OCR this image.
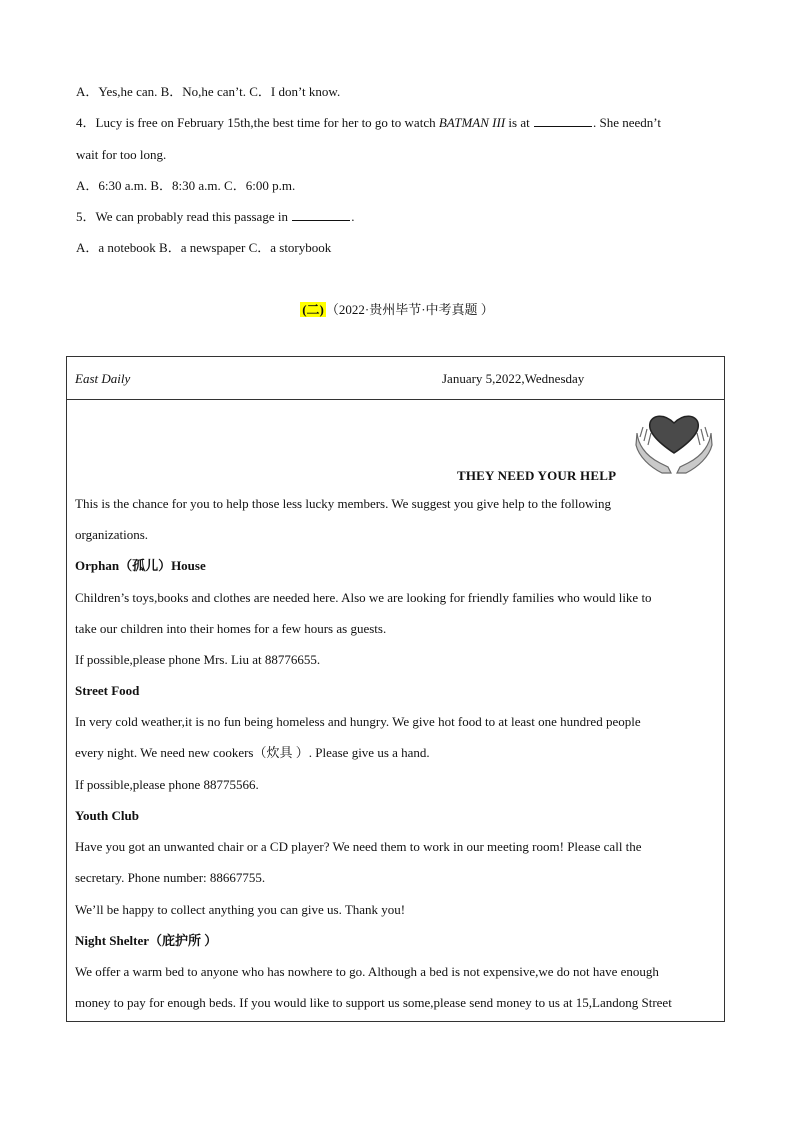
A．Yes,he can. B．No,he can’t. C．I don’t know.
4．Lucy is free on February 15th,the best time for her to go to watch BATMAN III is at	. She needn’t
wait for too long.
A．6:30 a.m. B．8:30 a.m. C．6:00 p.m.
5．We can probably read this passage in	.
A．a notebook B．a newspaper C．a storybook
(二) （2022·贵州毕节·中考真题 ）
East Daily	January 5,2022,Wednesday
THEY NEED YOUR HELP
This is the chance for you to help those less lucky members. We suggest you give help to the following
organizations.
Orphan（孤儿）House
Children’s toys,books and clothes are needed here. Also we are looking for friendly families who would like to
take our children into their homes for a few hours as guests.
If possible,please phone Mrs. Liu at 88776655.
Street Food
In very cold weather,it is no fun being homeless and hungry. We give hot food to at least one hundred people
every night. We need new cookers（炊具 ）. Please give us a hand.
If possible,please phone 88775566.
Youth Club
Have you got an unwanted chair or a CD player? We need them to work in our meeting room! Please call the
secretary. Phone number: 88667755.
We’ll be happy to collect anything you can give us. Thank you!
Night Shelter（庇护所 ）
We offer a warm bed to anyone who has nowhere to go. Although a bed is not expensive,we do not have enough
money to pay for enough beds. If you would like to support us some,please send money to us at 15,Landong Street
